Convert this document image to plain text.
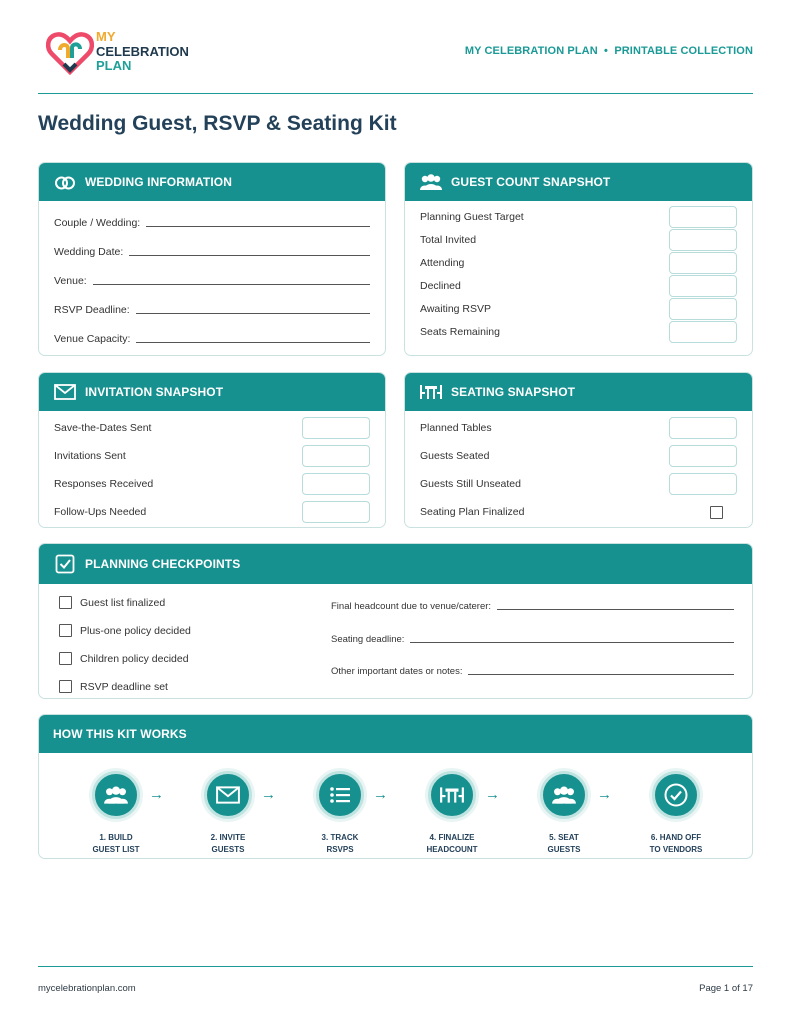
MY
CELEBRATION
PLAN
MY CELEBRATION PLAN  •  PRINTABLE COLLECTION
Wedding Guest, RSVP & Seating Kit
WEDDING INFORMATION
Couple / Wedding:
Wedding Date:
Venue:
RSVP Deadline:
Venue Capacity:
GUEST COUNT SNAPSHOT
Planning Guest Target
Total Invited
Attending
Declined
Awaiting RSVP
Seats Remaining
INVITATION SNAPSHOT
Save-the-Dates Sent
Invitations Sent
Responses Received
Follow-Ups Needed
SEATING SNAPSHOT
Planned Tables
Guests Seated
Guests Still Unseated
Seating Plan Finalized
PLANNING CHECKPOINTS
Guest list finalized
Plus-one policy decided
Children policy decided
RSVP deadline set
Final headcount due to venue/caterer:
Seating deadline:
Other important dates or notes:
HOW THIS KIT WORKS
1. BUILD
GUEST LIST
→
2. INVITE
GUESTS
→
3. TRACK
RSVPS
→
4. FINALIZE
HEADCOUNT
→
5. SEAT
GUESTS
→
6. HAND OFF
TO VENDORS
mycelebrationplan.com	Page 1 of 17
